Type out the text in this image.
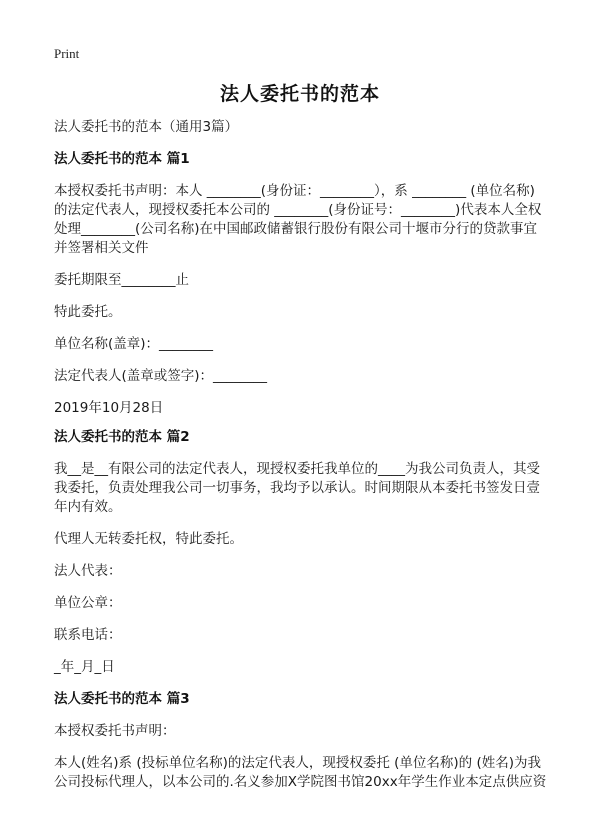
Print
法人委托书的范本

法人委托书的范本（通用3篇）

法人委托书的范本 篇1

本授权委托书声明：本人 ________(身份证：________），系 ________ (单位名称)的法定代表人，现授权委托本公司的 ________(身份证号：________)代表本人全权处理________(公司名称)在中国邮政储蓄银行股份有限公司十堰市分行的贷款事宜并签署相关文件

委托期限至________止

特此委托。

单位名称(盖章)：________

法定代表人(盖章或签字)：________

2019年10月28日

法人委托书的范本 篇2

我__是__有限公司的法定代表人，现授权委托我单位的____为我公司负责人，其受我委托，负责处理我公司一切事务，我均予以承认。时间期限从本委托书签发日壹年内有效。

代理人无转委托权，特此委托。

法人代表：

单位公章：

联系电话：

_年_月_日

法人委托书的范本 篇3

本授权委托书声明：

本人(姓名)系 (投标单位名称)的法定代表人，现授权委托 (单位名称)的 (姓名)为我公司投标代理人，以本公司的.名义参加X学院图书馆20xx年学生作业本定点供应资
